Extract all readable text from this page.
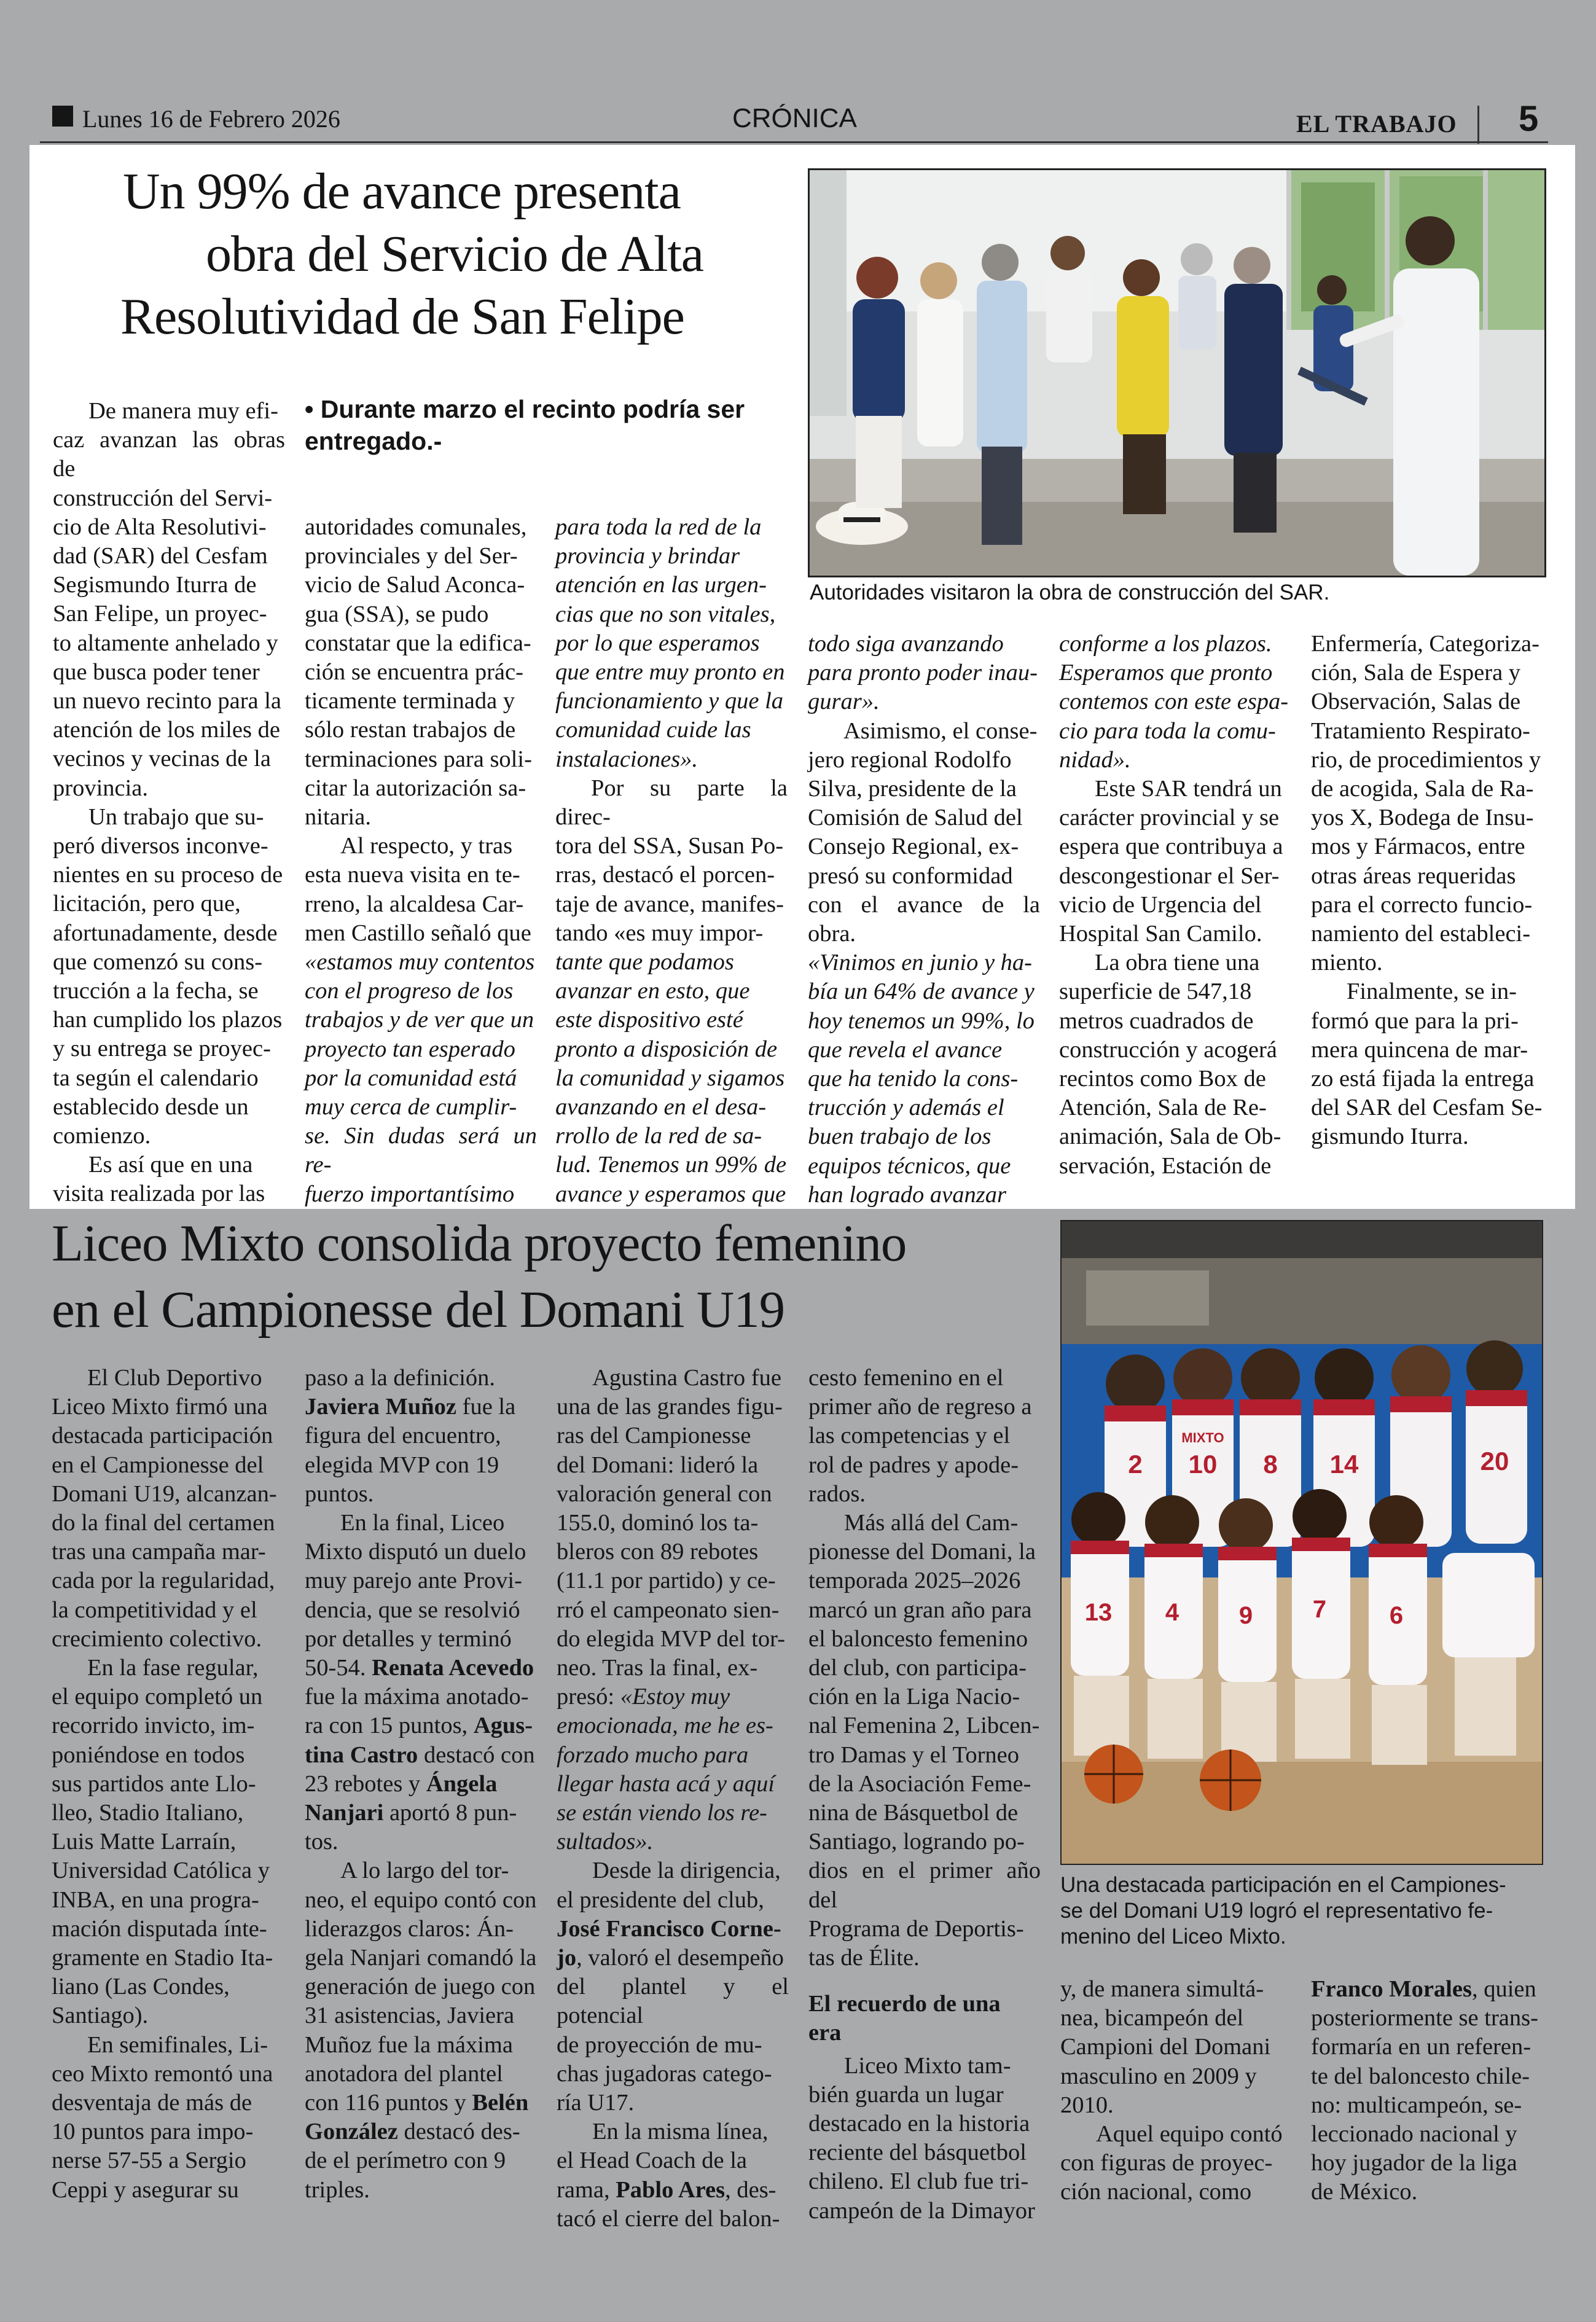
Lunes 16 de Febrero 2026	CRÓNICA	EL TRABAJO 5
Un 99% de avance presenta
obra del Servicio de Alta
Resolutividad de San Felipe
• Durante marzo el recinto podría ser
entregado.-
Autoridades visitaron la obra de construcción del SAR.

De manera muy efi-

caz avanzan las obras de

construcción del Servi-

cio de Alta Resolutivi-

dad (SAR) del Cesfam

Segismundo Iturra de

San Felipe, un proyec-

to altamente anhelado y

que busca poder tener

un nuevo recinto para la

atención de los miles de

vecinos y vecinas de la

provincia.

Un trabajo que su-

peró diversos inconve-

nientes en su proceso de

licitación, pero que,

afortunadamente, desde

que comenzó su cons-

trucción a la fecha, se

han cumplido los plazos

y su entrega se proyec-

ta según el calendario

establecido desde un

comienzo.

Es así que en una

visita realizada por las

autoridades comunales,

provinciales y del Ser-

vicio de Salud Aconca-

gua (SSA), se pudo

constatar que la edifica-

ción se encuentra prác-

ticamente terminada y

sólo restan trabajos de

terminaciones para soli-

citar la autorización sa-

nitaria.

Al respecto, y tras

esta nueva visita en te-

rreno, la alcaldesa Car-

men Castillo señaló que

«estamos muy contentos

con el progreso de los

trabajos y de ver que un

proyecto tan esperado

por la comunidad está

muy cerca de cumplir-

se. Sin dudas será un re-

fuerzo importantísimo

para toda la red de la

provincia y brindar

atención en las urgen-

cias que no son vitales,

por lo que esperamos

que entre muy pronto en

funcionamiento y que la

comunidad cuide las

instalaciones».

Por su parte la direc-

tora del SSA, Susan Po-

rras, destacó el porcen-

taje de avance, manifes-

tando «es muy impor-

tante que podamos

avanzar en esto, que

este dispositivo esté

pronto a disposición de

la comunidad y sigamos

avanzando en el desa-

rrollo de la red de sa-

lud. Tenemos un 99% de

avance y esperamos que

todo siga avanzando

para pronto poder inau-

gurar».

Asimismo, el conse-

jero regional Rodolfo

Silva, presidente de la

Comisión de Salud del

Consejo Regional, ex-

presó su conformidad

con el avance de la obra.

«Vinimos en junio y ha-

bía un 64% de avance y

hoy tenemos un 99%, lo

que revela el avance

que ha tenido la cons-

trucción y además el

buen trabajo de los

equipos técnicos, que

han logrado avanzar

conforme a los plazos.

Esperamos que pronto

contemos con este espa-

cio para toda la comu-

nidad».

Este SAR tendrá un

carácter provincial y se

espera que contribuya a

descongestionar el Ser-

vicio de Urgencia del

Hospital San Camilo.

La obra tiene una

superficie de 547,18

metros cuadrados de

construcción y acogerá

recintos como Box de

Atención, Sala de Re-

animación, Sala de Ob-

servación, Estación de

Enfermería, Categoriza-

ción, Sala de Espera y

Observación, Salas de

Tratamiento Respirato-

rio, de procedimientos y

de acogida, Sala de Ra-

yos X, Bodega de Insu-

mos y Fármacos, entre

otras áreas requeridas

para el correcto funcio-

namiento del estableci-

miento.

Finalmente, se in-

formó que para la pri-

mera quincena de mar-

zo está fijada la entrega

del SAR del Cesfam Se-

gismundo Iturra.

Liceo Mixto consolida proyecto femenino
en el Campionesse del Domani U19
2 10 8 14	20
MIXTO
13 4 9 7	6
Una destacada participación en el Campiones-
se del Domani U19 logró el representativo fe-
menino del Liceo Mixto.

El Club Deportivo

Liceo Mixto firmó una

destacada participación

en el Campionesse del

Domani U19, alcanzan-

do la final del certamen

tras una campaña mar-

cada por la regularidad,

la competitividad y el

crecimiento colectivo.

En la fase regular,

el equipo completó un

recorrido invicto, im-

poniéndose en todos

sus partidos ante Llo-

lleo, Stadio Italiano,

Luis Matte Larraín,

Universidad Católica y

INBA, en una progra-

mación disputada ínte-

gramente en Stadio Ita-

liano (Las Condes,

Santiago).

En semifinales, Li-

ceo Mixto remontó una

desventaja de más de

10 puntos para impo-

nerse 57-55 a Sergio

Ceppi y asegurar su

paso a la definición.

Javiera Muñoz fue la

figura del encuentro,

elegida MVP con 19

puntos.

En la final, Liceo

Mixto disputó un duelo

muy parejo ante Provi-

dencia, que se resolvió

por detalles y terminó

50-54. Renata Acevedo

fue la máxima anotado-

ra con 15 puntos, Agus-

tina Castro destacó con

23 rebotes y Ángela

Nanjari aportó 8 pun-

tos.

A lo largo del tor-

neo, el equipo contó con

liderazgos claros: Án-

gela Nanjari comandó la

generación de juego con

31 asistencias, Javiera

Muñoz fue la máxima

anotadora del plantel

con 116 puntos y Belén

González destacó des-

de el perímetro con 9

triples.

Agustina Castro fue

una de las grandes figu-

ras del Campionesse

del Domani: lideró la

valoración general con

155.0, dominó los ta-

bleros con 89 rebotes

(11.1 por partido) y ce-

rró el campeonato sien-

do elegida MVP del tor-

neo. Tras la final, ex-

presó: «Estoy muy

emocionada, me he es-

forzado mucho para

llegar hasta acá y aquí

se están viendo los re-

sultados».

Desde la dirigencia,

el presidente del club,

José Francisco Corne-

jo, valoró el desempeño

del plantel y el potencial

de proyección de mu-

chas jugadoras catego-

ría U17.

En la misma línea,

el Head Coach de la

rama, Pablo Ares, des-

tacó el cierre del balon-

cesto femenino en el

primer año de regreso a

las competencias y el

rol de padres y apode-

rados.

Más allá del Cam-

pionesse del Domani, la

temporada 2025–2026

marcó un gran año para

el baloncesto femenino

del club, con participa-

ción en la Liga Nacio-

nal Femenina 2, Libcen-

tro Damas y el Torneo

de la Asociación Feme-

nina de Básquetbol de

Santiago, logrando po-

dios en el primer año del

Programa de Deportis-

tas de Élite.

El recuerdo de una

era

Liceo Mixto tam-

bién guarda un lugar

destacado en la historia

reciente del básquetbol

chileno. El club fue tri-

campeón de la Dimayor

y, de manera simultá-

nea, bicampeón del

Campioni del Domani

masculino en 2009 y

2010.

Aquel equipo contó

con figuras de proyec-

ción nacional, como

Franco Morales, quien

posteriormente se trans-

formaría en un referen-

te del baloncesto chile-

no: multicampeón, se-

leccionado nacional y

hoy jugador de la liga

de México.
